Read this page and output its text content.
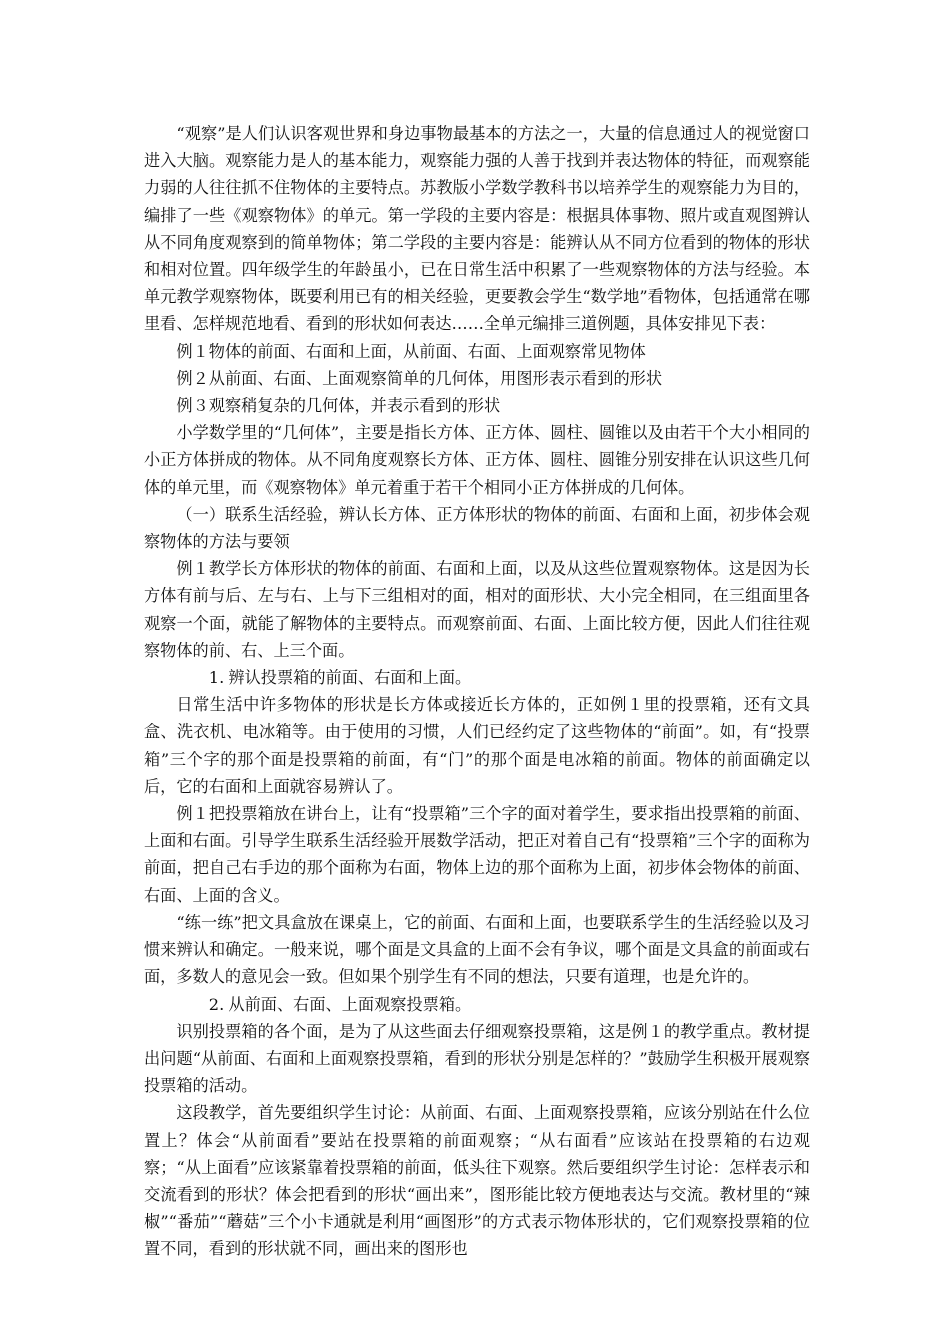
“观察”是人们认识客观世界和身边事物最基本的方法之一，大量的信息通过人的视觉窗口进入大脑。观察能力是人的基本能力，观察能力强的人善于找到并表达物体的特征，而观察能力弱的人往往抓不住物体的主要特点。苏教版小学数学教科书以培养学生的观察能力为目的，编排了一些《观察物体》的单元。第一学段的主要内容是：根据具体事物、照片或直观图辨认从不同角度观察到的简单物体；第二学段的主要内容是：能辨认从不同方位看到的物体的形状和相对位置。四年级学生的年龄虽小，已在日常生活中积累了一些观察物体的方法与经验。本单元教学观察物体，既要利用已有的相关经验，更要教会学生“数学地”看物体，包括通常在哪里看、怎样规范地看、看到的形状如何表达……全单元编排三道例题，具体安排见下表：

例１物体的前面、右面和上面，从前面、右面、上面观察常见物体

例２从前面、右面、上面观察简单的几何体，用图形表示看到的形状

例３观察稍复杂的几何体，并表示看到的形状

小学数学里的“几何体”，主要是指长方体、正方体、圆柱、圆锥以及由若干个大小相同的小正方体拼成的物体。从不同角度观察长方体、正方体、圆柱、圆锥分别安排在认识这些几何体的单元里，而《观察物体》单元着重于若干个相同小正方体拼成的几何体。

（一）联系生活经验，辨认长方体、正方体形状的物体的前面、右面和上面，初步体会观察物体的方法与要领

例１教学长方体形状的物体的前面、右面和上面，以及从这些位置观察物体。这是因为长方体有前与后、左与右、上与下三组相对的面，相对的面形状、大小完全相同，在三组面里各观察一个面，就能了解物体的主要特点。而观察前面、右面、上面比较方便，因此人们往往观察物体的前、右、上三个面。

1. 辨认投票箱的前面、右面和上面。

日常生活中许多物体的形状是长方体或接近长方体的，正如例１里的投票箱，还有文具盒、洗衣机、电冰箱等。由于使用的习惯，人们已经约定了这些物体的“前面”。如，有“投票箱”三个字的那个面是投票箱的前面，有“门”的那个面是电冰箱的前面。物体的前面确定以后，它的右面和上面就容易辨认了。

例１把投票箱放在讲台上，让有“投票箱”三个字的面对着学生，要求指出投票箱的前面、上面和右面。引导学生联系生活经验开展数学活动，把正对着自己有“投票箱”三个字的面称为前面，把自己右手边的那个面称为右面，物体上边的那个面称为上面，初步体会物体的前面、右面、上面的含义。

“练一练”把文具盒放在课桌上，它的前面、右面和上面，也要联系学生的生活经验以及习惯来辨认和确定。一般来说，哪个面是文具盒的上面不会有争议，哪个面是文具盒的前面或右面，多数人的意见会一致。但如果个别学生有不同的想法，只要有道理，也是允许的。

2. 从前面、右面、上面观察投票箱。

识别投票箱的各个面，是为了从这些面去仔细观察投票箱，这是例１的教学重点。教材提出问题“从前面、右面和上面观察投票箱，看到的形状分别是怎样的？”鼓励学生积极开展观察投票箱的活动。

这段教学，首先要组织学生讨论：从前面、右面、上面观察投票箱，应该分别站在什么位置上？体会“从前面看”要站在投票箱的前面观察；“从右面看”应该站在投票箱的右边观察；“从上面看”应该紧靠着投票箱的前面，低头往下观察。然后要组织学生讨论：怎样表示和交流看到的形状？体会把看到的形状“画出来”，图形能比较方便地表达与交流。教材里的“辣椒”“番茄”“蘑菇”三个小卡通就是利用“画图形”的方式表示物体形状的，它们观察投票箱的位置不同，看到的形状就不同，画出来的图形也
